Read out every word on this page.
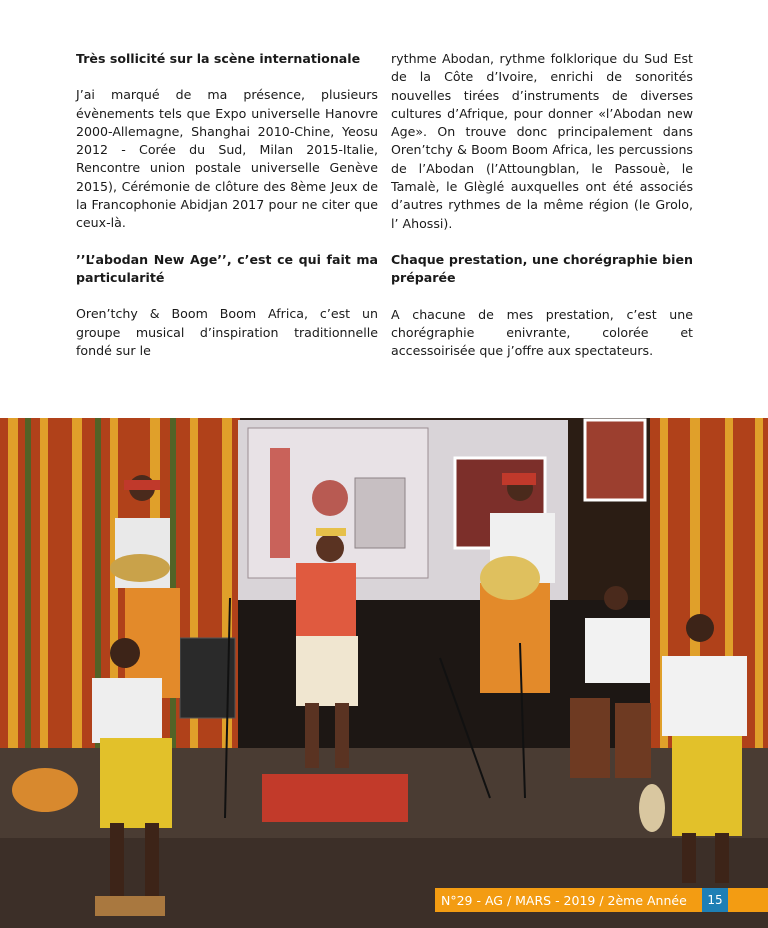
Très sollicité sur la scène internationale

J’ai marqué de ma présence, plusieurs évènements tels que Expo universelle Hanovre 2000-Allemagne, Shanghai 2010-Chine, Yeosu 2012 - Corée du Sud, Milan 2015-Italie, Rencontre union postale universelle Genève 2015), Cérémonie de clôture des 8ème Jeux de la Francophonie Abidjan 2017 pour ne citer que ceux-là.

’’L’abodan New Age’’, c’est ce qui fait ma particularité

Oren’tchy & Boom Boom Africa, c’est un groupe musical d’inspiration traditionnelle fondé sur le

rythme Abodan, rythme folklorique du Sud Est de la Côte d’Ivoire, enrichi de sonorités nouvelles tirées d’instruments de diverses cultures d’Afrique, pour donner «l’Abodan new Age». On trouve donc principalement dans Oren’tchy & Boom Boom Africa, les percussions de l’Abodan (l’Attoungblan, le Passouè, le Tamalè, le Glèglé auxquelles ont été associés d’autres rythmes de la même région (le Grolo, l’ Ahossi).

Chaque prestation, une chorégraphie bien préparée

A chacune de mes prestation, c’est une chorégraphie enivrante, colorée et accessoirisée que j’offre aux spectateurs.

N°29 - AG / MARS - 2019 / 2ème Année	15
